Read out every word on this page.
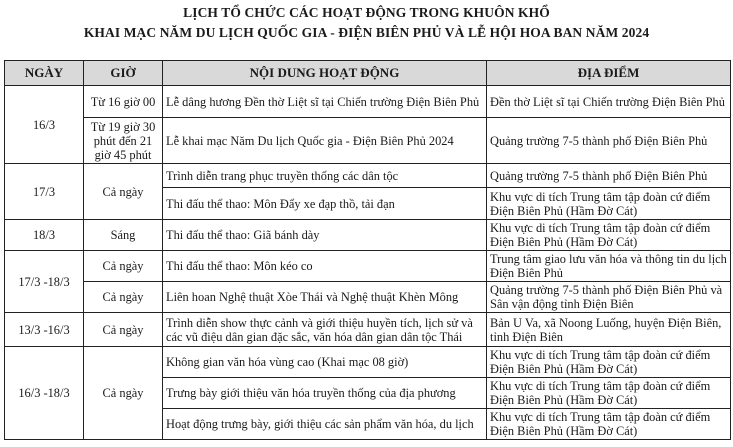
LỊCH TỔ CHỨC CÁC HOẠT ĐỘNG TRONG KHUÔN KHỔ
KHAI MẠC NĂM DU LỊCH QUỐC GIA - ĐIỆN BIÊN PHỦ VÀ LỄ HỘI HOA BAN NĂM 2024
NGÀY	GIỜ	NỘI DUNG HOẠT ĐỘNG	ĐỊA ĐIỂM
16/3	Từ 16 giờ 00	Lễ dâng hương Đền thờ Liệt sĩ tại Chiến trường Điện Biên Phủ	Đền thờ Liệt sĩ tại Chiến trường Điện Biên Phủ
	Từ 19 giờ 30 phút đến 21 giờ 45 phút	Lễ khai mạc Năm Du lịch Quốc gia - Điện Biên Phủ 2024	Quảng trường 7-5 thành phố Điện Biên Phủ
17/3	Cả ngày	Trình diễn trang phục truyền thống các dân tộc	Quảng trường 7-5 thành phố Điện Biên Phủ
		Thi đấu thể thao: Môn Đẩy xe đạp thồ, tải đạn	Khu vực di tích Trung tâm tập đoàn cứ điểm Điện Biên Phủ (Hầm Đờ Cát)
18/3	Sáng	Thi đấu thể thao: Giã bánh dày	Khu vực di tích Trung tâm tập đoàn cứ điểm Điện Biên Phủ (Hầm Đờ Cát)
17/3 -18/3	Cả ngày	Thi đấu thể thao: Môn kéo co	Trung tâm giao lưu văn hóa và thông tin du lịch Điện Biên Phủ
	Cả ngày	Liên hoan Nghệ thuật Xòe Thái và Nghệ thuật Khèn Mông	Quảng trường 7-5 thành phố Điện Biên Phủ và Sân vận động tỉnh Điện Biên
13/3 -16/3	Cả ngày	Trình diễn show thực cảnh và giới thiệu huyền tích, lịch sử và các vũ điệu dân gian đặc sắc, văn hóa dân gian dân tộc Thái	Bản U Va, xã Noong Luống, huyện Điện Biên, tỉnh Điện Biên
16/3 -18/3	Cả ngày	Không gian văn hóa vùng cao (Khai mạc 08 giờ)	Khu vực di tích Trung tâm tập đoàn cứ điểm Điện Biên Phủ (Hầm Đờ Cát)
		Trưng bày giới thiệu văn hóa truyền thống của địa phương	Khu vực di tích Trung tâm tập đoàn cứ điểm Điện Biên Phủ (Hầm Đờ Cát)
		Hoạt động trưng bày, giới thiệu các sản phẩm văn hóa, du lịch	Khu vực di tích Trung tâm tập đoàn cứ điểm Điện Biên Phủ (Hầm Đờ Cát)
